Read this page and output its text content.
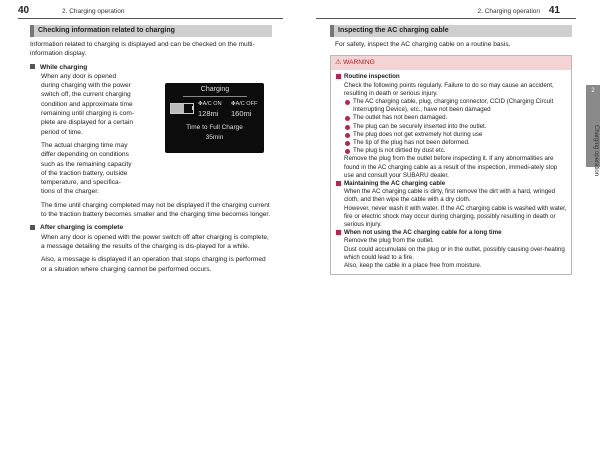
40	2. Charging operation	2. Charging operation 41
Checking information related to charging

Information related to charging is displayed and can be checked on the multi-information display.

While charging

When any door is opened
during charging with the power
switch off, the current charging
condition and approximate time
remaining until charging is com-
plete are displayed for a certain
period of time.
The actual charging time may
differ depending on conditions
such as the remaining capacity
of the traction battery, outside
temperature, and specifica-
tions of the charger.

The time until charging completed may not be displayed if the charging current to the traction battery becomes smaller and the charging time becomes longer.

After charging is complete

When any door is opened with the power switch off after charging is complete, a message detailing the results of the charging is dis-played for a while.

Also, a message is displayed if an operation that stops charging is performed or a situation where charging cannot be performed occurs.

Charging
✤A/C ON ✤A/C OFF
128mi 160mi
Time to Full Charge
35min
Inspecting the AC charging cable

For safety, inspect the AC charging cable on a routine basis.

⚠ WARNING
Routine inspection

Check the following points regularly. Failure to do so may cause an accident, resulting in death or serious injury.

The AC charging cable, plug, charging connector, CCID (Charging Circuit Interrupting Device), etc., have not been damaged
The outlet has not been damaged.
The plug can be securely inserted into the outlet.
The plug does not get extremely hot during use
The tip of the plug has not been deformed.
The plug is not dirtied by dust etc.

Remove the plug from the outlet before inspecting it. If any abnormalities are found in the AC charging cable as a result of the inspection, immedi-ately stop use and consult your SUBARU dealer.

Maintaining the AC charging cable

When the AC charging cable is dirty, first remove the dirt with a hard, wringed cloth, and then wipe the cable with a dry cloth.

However, never wash it with water. If the AC charging cable is washed with water, fire or electric shock may occur during charging, possibly resulting in death or serious injury.

When not using the AC charging cable for a long time

Remove the plug from the outlet.

Dust could accumulate on the plug or in the outlet, possibly causing over-heating which could lead to a fire.

Also, keep the cable in a place free from moisture.

2
Charging operation
